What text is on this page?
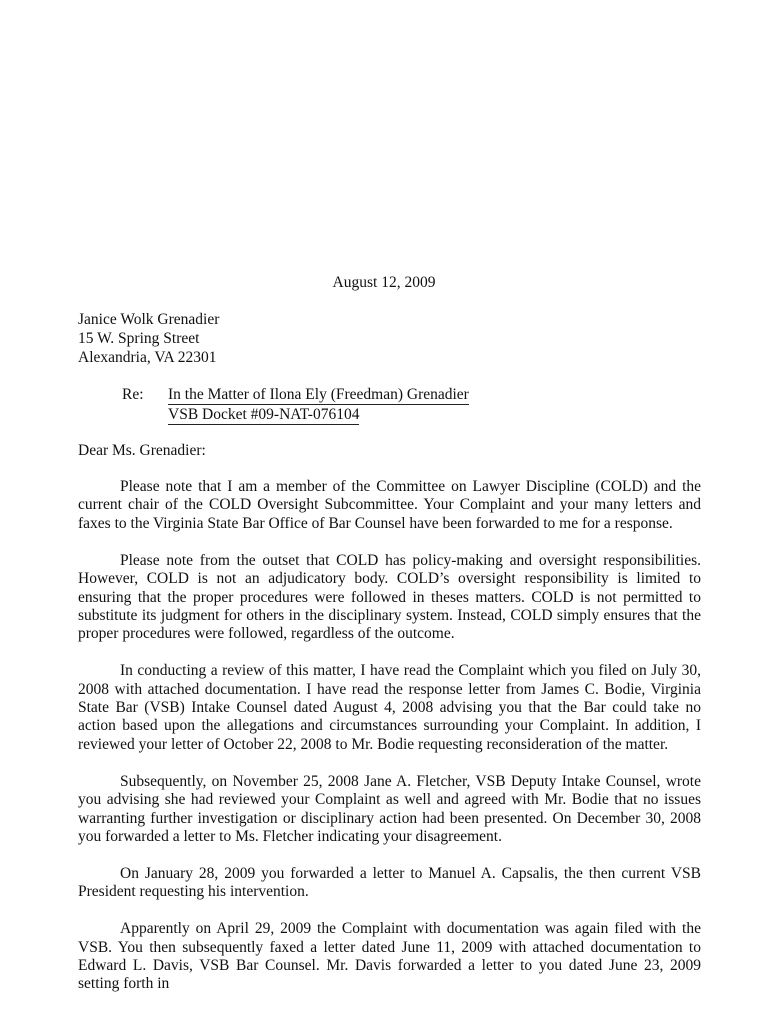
August 12, 2009
Janice Wolk Grenadier
15 W. Spring Street
Alexandria, VA 22301
Re: In the Matter of Ilona Ely (Freedman) Grenadier
VSB Docket #09-NAT-076104
Dear Ms. Grenadier:

Please note that I am a member of the Committee on Lawyer Discipline (COLD) and the current chair of the COLD Oversight Subcommittee. Your Complaint and your many letters and faxes to the Virginia State Bar Office of Bar Counsel have been forwarded to me for a response.

Please note from the outset that COLD has policy-making and oversight responsibilities. However, COLD is not an adjudicatory body. COLD’s oversight responsibility is limited to ensuring that the proper procedures were followed in theses matters. COLD is not permitted to substitute its judgment for others in the disciplinary system. Instead, COLD simply ensures that the proper procedures were followed, regardless of the outcome.

In conducting a review of this matter, I have read the Complaint which you filed on July 30, 2008 with attached documentation. I have read the response letter from James C. Bodie, Virginia State Bar (VSB) Intake Counsel dated August 4, 2008 advising you that the Bar could take no action based upon the allegations and circumstances surrounding your Complaint. In addition, I reviewed your letter of October 22, 2008 to Mr. Bodie requesting reconsideration of the matter.

Subsequently, on November 25, 2008 Jane A. Fletcher, VSB Deputy Intake Counsel, wrote you advising she had reviewed your Complaint as well and agreed with Mr. Bodie that no issues warranting further investigation or disciplinary action had been presented. On December 30, 2008 you forwarded a letter to Ms. Fletcher indicating your disagreement.

On January 28, 2009 you forwarded a letter to Manuel A. Capsalis, the then current VSB President requesting his intervention.

Apparently on April 29, 2009 the Complaint with documentation was again filed with the VSB. You then subsequently faxed a letter dated June 11, 2009 with attached documentation to Edward L. Davis, VSB Bar Counsel. Mr. Davis forwarded a letter to you dated June 23, 2009 setting forth in
